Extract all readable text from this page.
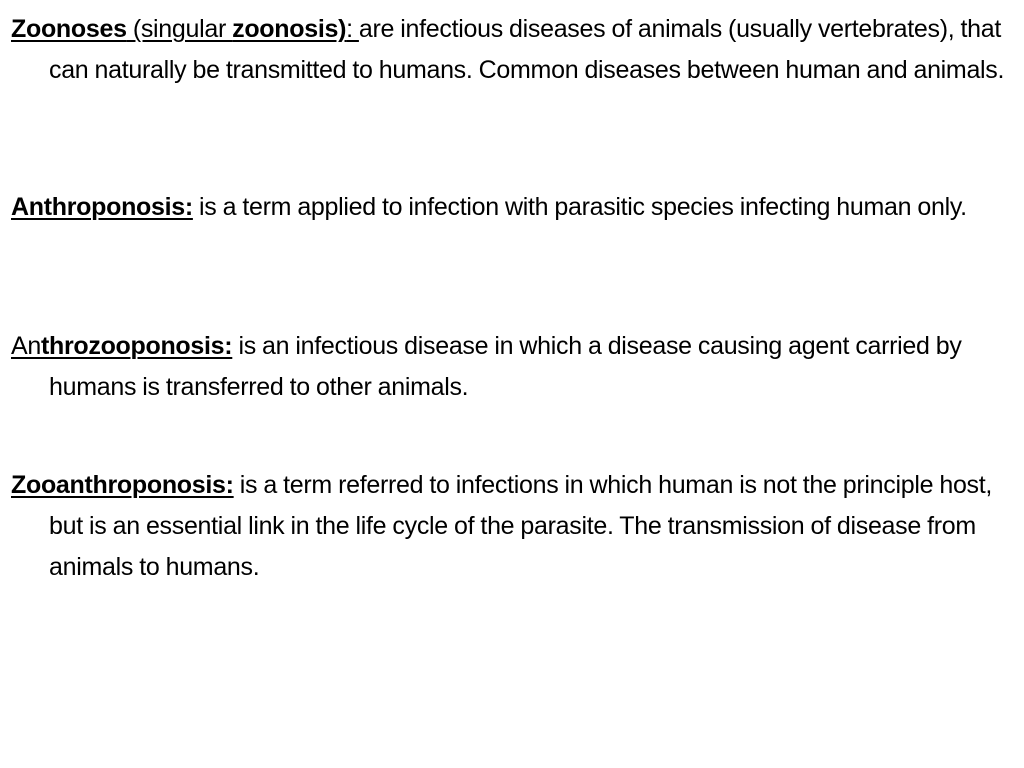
Zoonoses (singular zoonosis): are infectious diseases of animals (usually vertebrates), that can naturally be transmitted to humans. Common diseases between human and animals.

Anthroponosis: is a term applied to infection with parasitic species infecting human only.

Anthrozooponosis: is an infectious disease in which a disease causing agent carried by humans is transferred to other animals.

Zooanthroponosis: is a term referred to infections in which human is not the principle host, but is an essential link in the life cycle of the parasite. The transmission of disease from animals to humans.
